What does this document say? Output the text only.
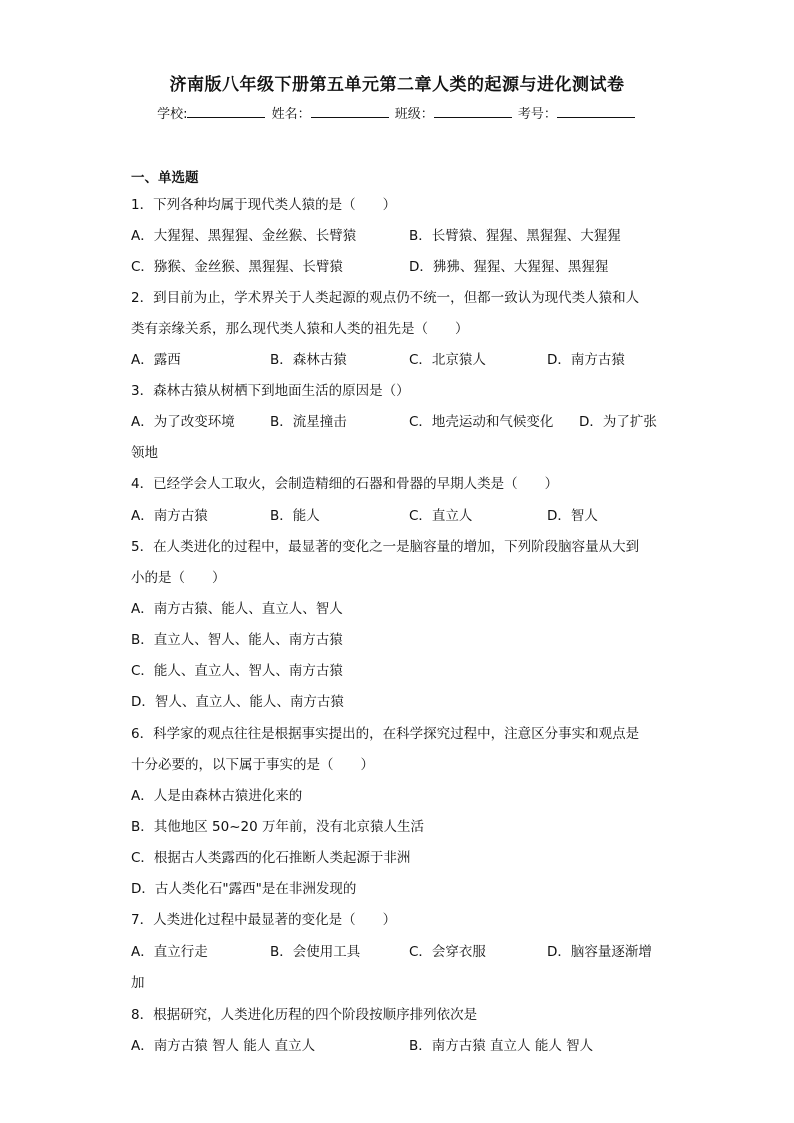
济南版八年级下册第五单元第二章人类的起源与进化测试卷
学校:	姓名：	班级：	考号：
一、单选题
1．下列各种均属于现代类人猿的是（　　）
A．大猩猩、黑猩猩、金丝猴、长臂猿	B．长臂猿、猩猩、黑猩猩、大猩猩
C．猕猴、金丝猴、黑猩猩、长臂猿	D．狒狒、猩猩、大猩猩、黑猩猩
2．到目前为止，学术界关于人类起源的观点仍不统一，但都一致认为现代类人猿和人
类有亲缘关系，那么现代类人猿和人类的祖先是（　　）
A．露西	B．森林古猿	C．北京猿人	D．南方古猿
3．森林古猿从树栖下到地面生活的原因是（）
A．为了改变环境	B．流星撞击	C．地壳运动和气候变化 D．为了扩张
领地
4．已经学会人工取火，会制造精细的石器和骨器的早期人类是（　　）
A．南方古猿	B．能人	C．直立人	D．智人
5．在人类进化的过程中，最显著的变化之一是脑容量的增加，下列阶段脑容量从大到
小的是（　　）
A．南方古猿、能人、直立人、智人
B．直立人、智人、能人、南方古猿
C．能人、直立人、智人、南方古猿
D．智人、直立人、能人、南方古猿
6．科学家的观点往往是根据事实提出的，在科学探究过程中，注意区分事实和观点是
十分必要的，以下属于事实的是（　　）
A．人是由森林古猿进化来的
B．其他地区 50~20 万年前，没有北京猿人生活
C．根据古人类露西的化石推断人类起源于非洲
D．古人类化石"露西"是在非洲发现的
7．人类进化过程中最显著的变化是（　　）
A．直立行走	B．会使用工具	C．会穿衣服	D．脑容量逐渐增
加
8．根据研究，人类进化历程的四个阶段按顺序排列依次是
A．南方古猿 智人 能人 直立人	B．南方古猿 直立人 能人 智人
